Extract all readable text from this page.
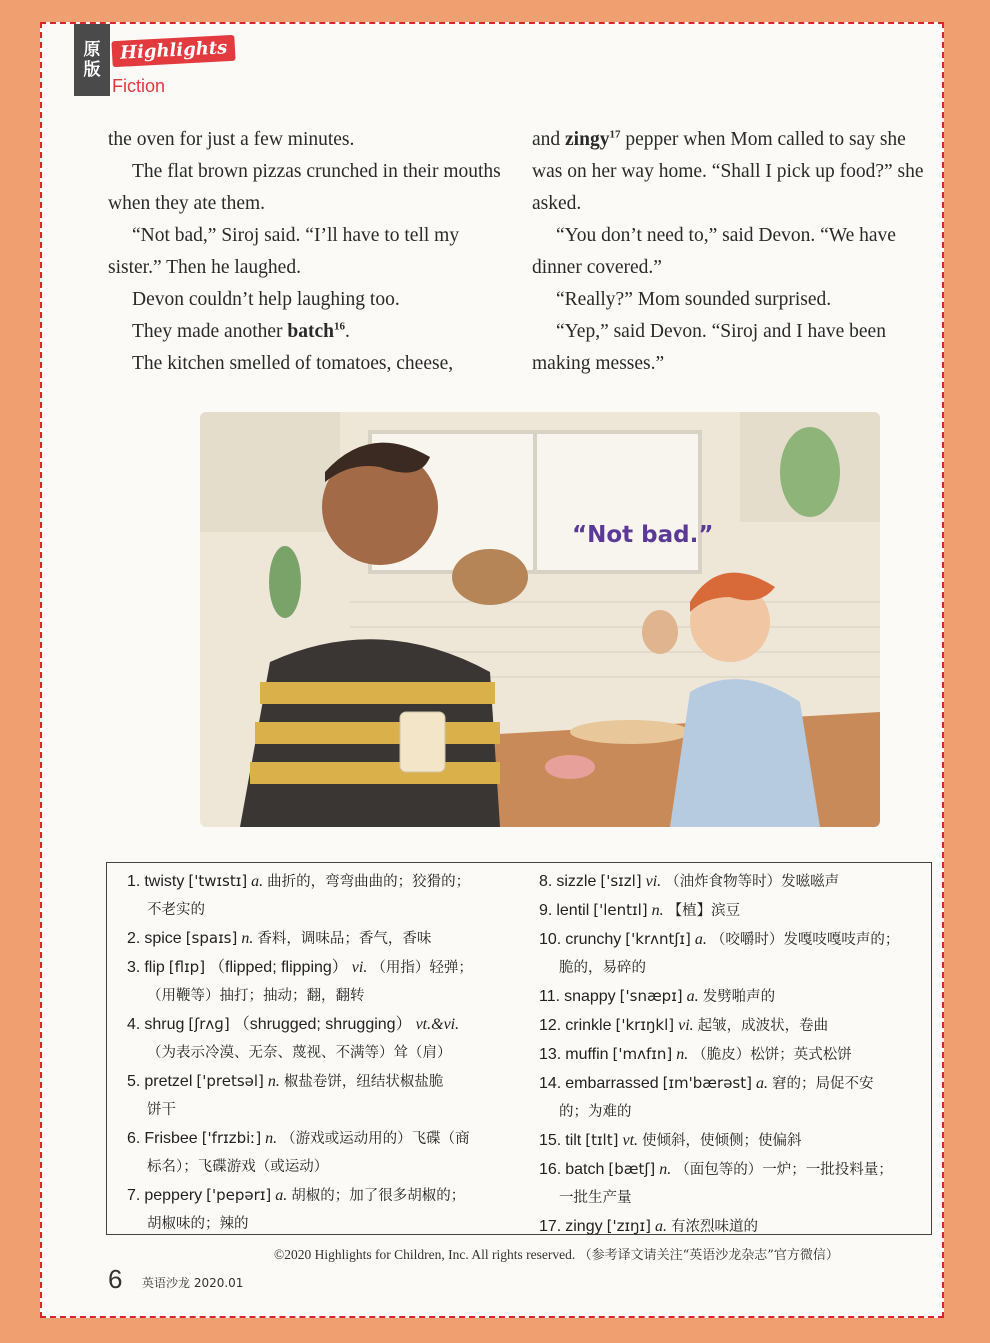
原
版
Highlights
Fiction

the oven for just a few minutes.

The flat brown pizzas crunched in their mouths when they ate them.

“Not bad,” Siroj said. “I’ll have to tell my sister.” Then he laughed.

Devon couldn’t help laughing too.

They made another batch$^{16}$.

The kitchen smelled of tomatoes, cheese,

and zingy$^{17}$ pepper when Mom called to say she was on her way home. “Shall I pick up food?” she asked.

“You don’t need to,” said Devon. “We have dinner covered.”

“Really?” Mom sounded surprised.

“Yep,” said Devon. “Siroj and I have been making messes.”

“Not bad.”
1. twisty ['twɪstɪ] a. 曲折的，弯弯曲曲的；狡猾的；
不老实的
2. spice [spaɪs] n. 香料，调味品；香气，香味
3. flip [flɪp] （flipped; flipping） vi. （用指）轻弹；
（用鞭等）抽打；抽动；翻，翻转
4. shrug [ʃrʌɡ] （shrugged; shrugging） vt.&vi.
（为表示冷漠、无奈、蔑视、不满等）耸（肩）
5. pretzel ['pretsəl] n. 椒盐卷饼，纽结状椒盐脆
饼干
6. Frisbee ['frɪzbiː] n. （游戏或运动用的）飞碟（商
标名）；飞碟游戏（或运动）
7. peppery ['pepərɪ] a. 胡椒的；加了很多胡椒的；
胡椒味的；辣的
8. sizzle ['sɪzl] vi. （油炸食物等时）发嗞嗞声
9. lentil ['lentɪl] n. 【植】滨豆
10. crunchy ['krʌntʃɪ] a. （咬嚼时）发嘎吱嘎吱声的；
脆的，易碎的
11. snappy ['snæpɪ] a. 发劈啪声的
12. crinkle ['krɪŋkl] vi. 起皱，成波状，卷曲
13. muffin ['mʌfɪn] n. （脆皮）松饼；英式松饼
14. embarrassed [ɪm'bærəst] a. 窘的；局促不安
的；为难的
15. tilt [tɪlt] vt. 使倾斜，使倾侧；使偏斜
16. batch [bætʃ] n. （面包等的）一炉；一批投料量；
一批生产量
17. zingy ['zɪŋɪ] a. 有浓烈味道的
©2020 Highlights for Children, Inc. All rights reserved. （参考译文请关注“英语沙龙杂志”官方微信）
6 英语沙龙 2020.01
